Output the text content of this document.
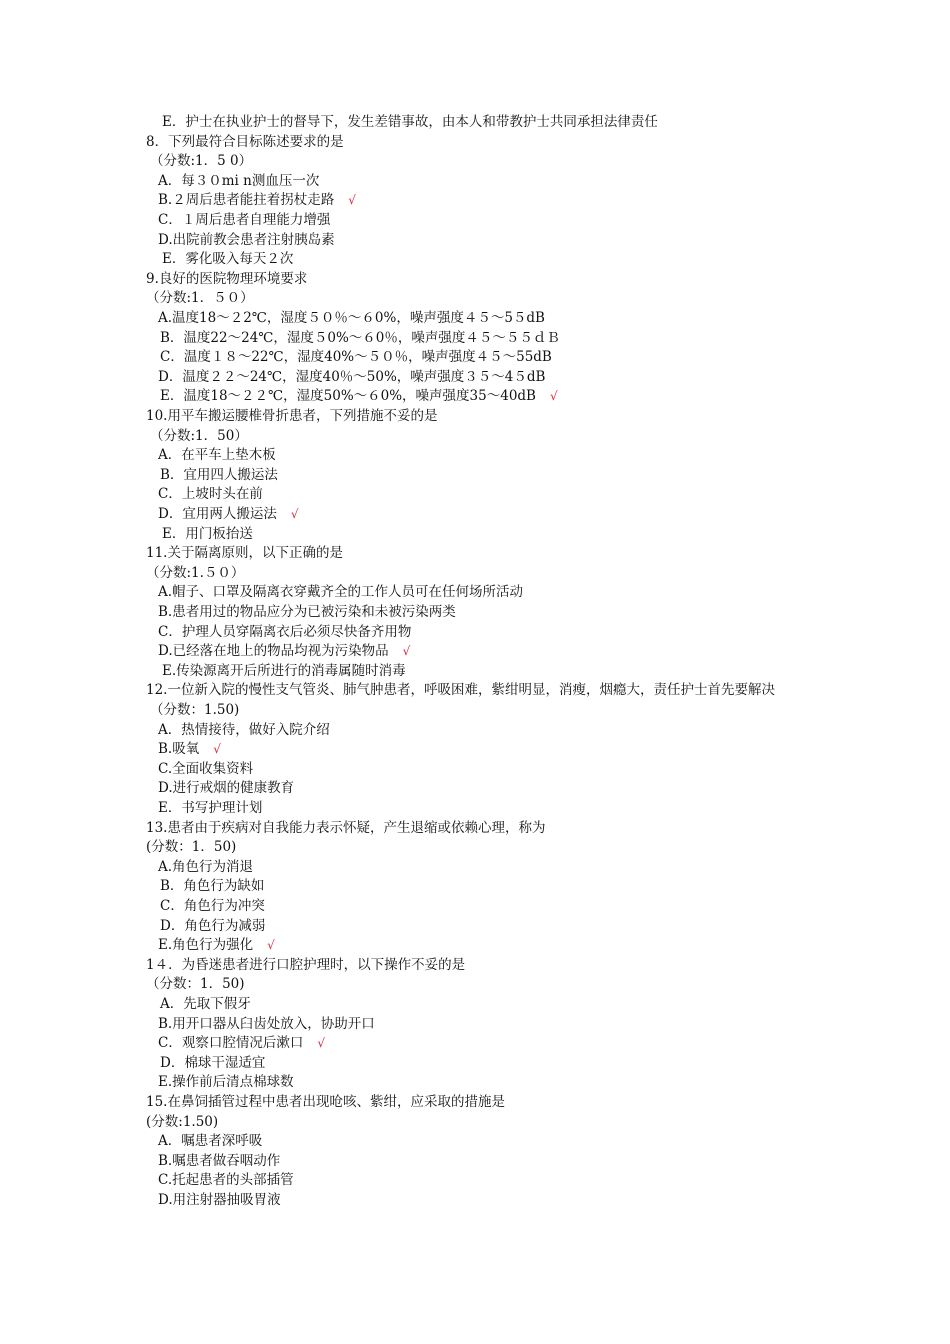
E．护士在执业护士的督导下，发生差错事故，由本人和带教护士共同承担法律责任
8．下列最符合目标陈述要求的是
（分数:1．5 0）
A．每３０mi n测血压一次
B.２周后患者能拄着拐杖走路 √
C．１周后患者自理能力增强
D.出院前教会患者注射胰岛素
E．雾化吸入每天２次
9.良好的医院物理环境要求
（分数:1．５０）
A.温度18～２2℃，湿度５０％～６0%，噪声强度４５～5５dB
B．温度22～24℃，湿度５0%～６0％，噪声强度４５～５５ｄＢ
C．温度１８～22℃，湿度40%～５０％，噪声强度４５～55dB
D．温度２２～24℃，湿度40％～50%，噪声强度３５～4５dB
E．温度18～２２℃，湿度50%～６0%，噪声强度35～40dB √
10.用平车搬运腰椎骨折患者，下列措施不妥的是
（分数:1．50）
A．在平车上垫木板
B．宜用四人搬运法
C．上坡时头在前
D．宜用两人搬运法 √
E．用门板抬送
11.关于隔离原则，以下正确的是
（分数:1.５０）
A.帽子、口罩及隔离衣穿戴齐全的工作人员可在任何场所活动
B.患者用过的物品应分为已被污染和未被污染两类
C．护理人员穿隔离衣后必须尽快备齐用物
D.已经落在地上的物品均视为污染物品 √
E.传染源离开后所进行的消毒属随时消毒
12.一位新入院的慢性支气管炎、肺气肿患者，呼吸困难，紫绀明显，消瘦，烟瘾大，责任护士首先要解决
（分数：1.50)
A．热情接待，做好入院介绍
B.吸氧 √
C.全面收集资料
D.进行戒烟的健康教育
E．书写护理计划
13.患者由于疾病对自我能力表示怀疑，产生退缩或依赖心理，称为
(分数：1．50)
A.角色行为消退
B．角色行为缺如
C．角色行为冲突
D．角色行为减弱
E.角色行为强化 √
1４．为昏迷患者进行口腔护理时，以下操作不妥的是
（分数：1．50)
A．先取下假牙
B.用开口器从臼齿处放入，协助开口
C．观察口腔情况后漱口 √
D．棉球干湿适宜
E.操作前后清点棉球数
15.在鼻饲插管过程中患者出现呛咳、紫绀，应采取的措施是
(分数:1.50)
A．嘱患者深呼吸
B.嘱患者做吞咽动作
C.托起患者的头部插管
D.用注射器抽吸胃液
